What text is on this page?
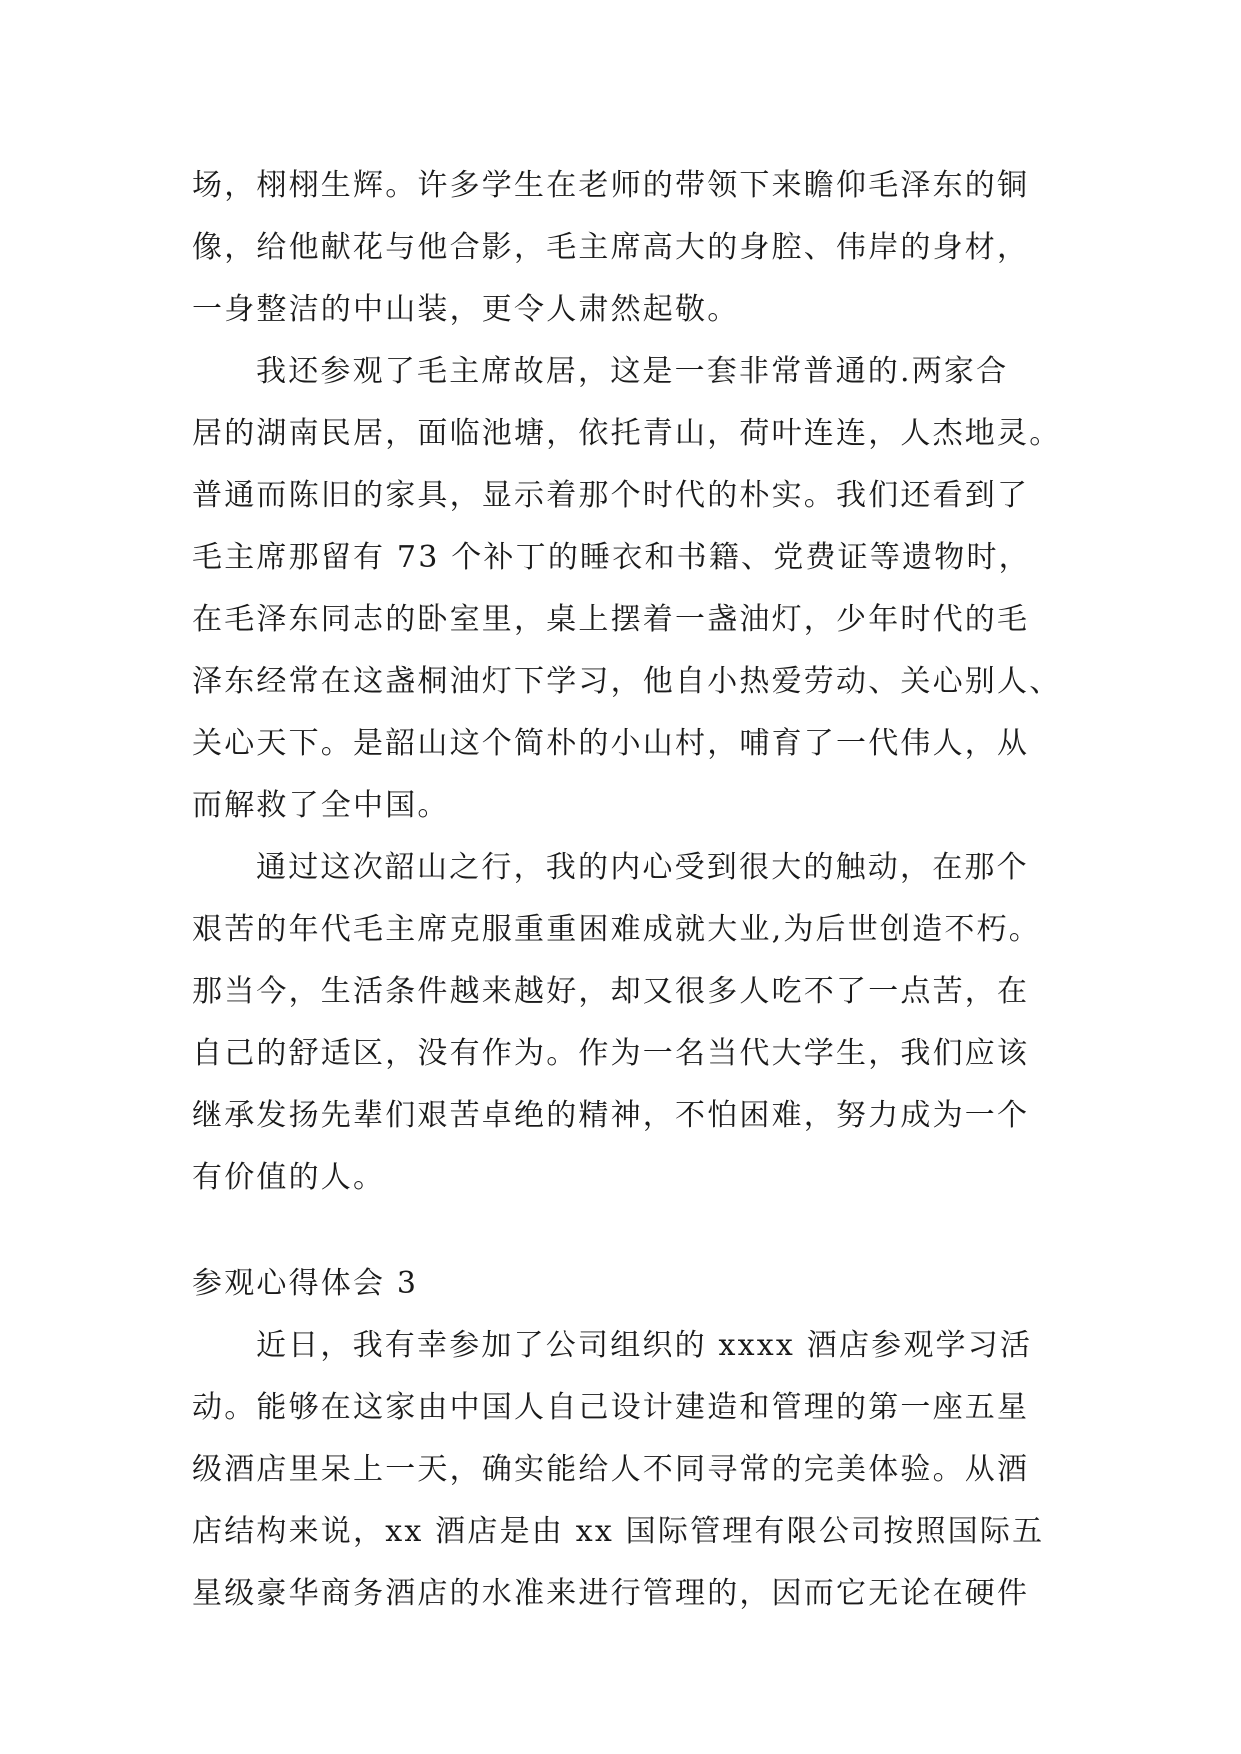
场，栩栩生辉。许多学生在老师的带领下来瞻仰毛泽东的铜
像，给他献花与他合影，毛主席高大的身腔、伟岸的身材，
一身整洁的中山装，更令人肃然起敬。
我还参观了毛主席故居，这是一套非常普通的.两家合
居的湖南民居，面临池塘，依托青山，荷叶连连，人杰地灵。
普通而陈旧的家具，显示着那个时代的朴实。我们还看到了
毛主席那留有 73 个补丁的睡衣和书籍、党费证等遗物时，
在毛泽东同志的卧室里，桌上摆着一盏油灯，少年时代的毛
泽东经常在这盏桐油灯下学习，他自小热爱劳动、关心别人、
关心天下。是韶山这个简朴的小山村，哺育了一代伟人，从
而解救了全中国。
通过这次韶山之行，我的内心受到很大的触动，在那个
艰苦的年代毛主席克服重重困难成就大业,为后世创造不朽。
那当今，生活条件越来越好，却又很多人吃不了一点苦，在
自己的舒适区，没有作为。作为一名当代大学生，我们应该
继承发扬先辈们艰苦卓绝的精神，不怕困难，努力成为一个
有价值的人。
参观心得体会 3
近日，我有幸参加了公司组织的 xxxx 酒店参观学习活
动。能够在这家由中国人自己设计建造和管理的第一座五星
级酒店里呆上一天，确实能给人不同寻常的完美体验。从酒
店结构来说，xx 酒店是由 xx 国际管理有限公司按照国际五
星级豪华商务酒店的水准来进行管理的，因而它无论在硬件
